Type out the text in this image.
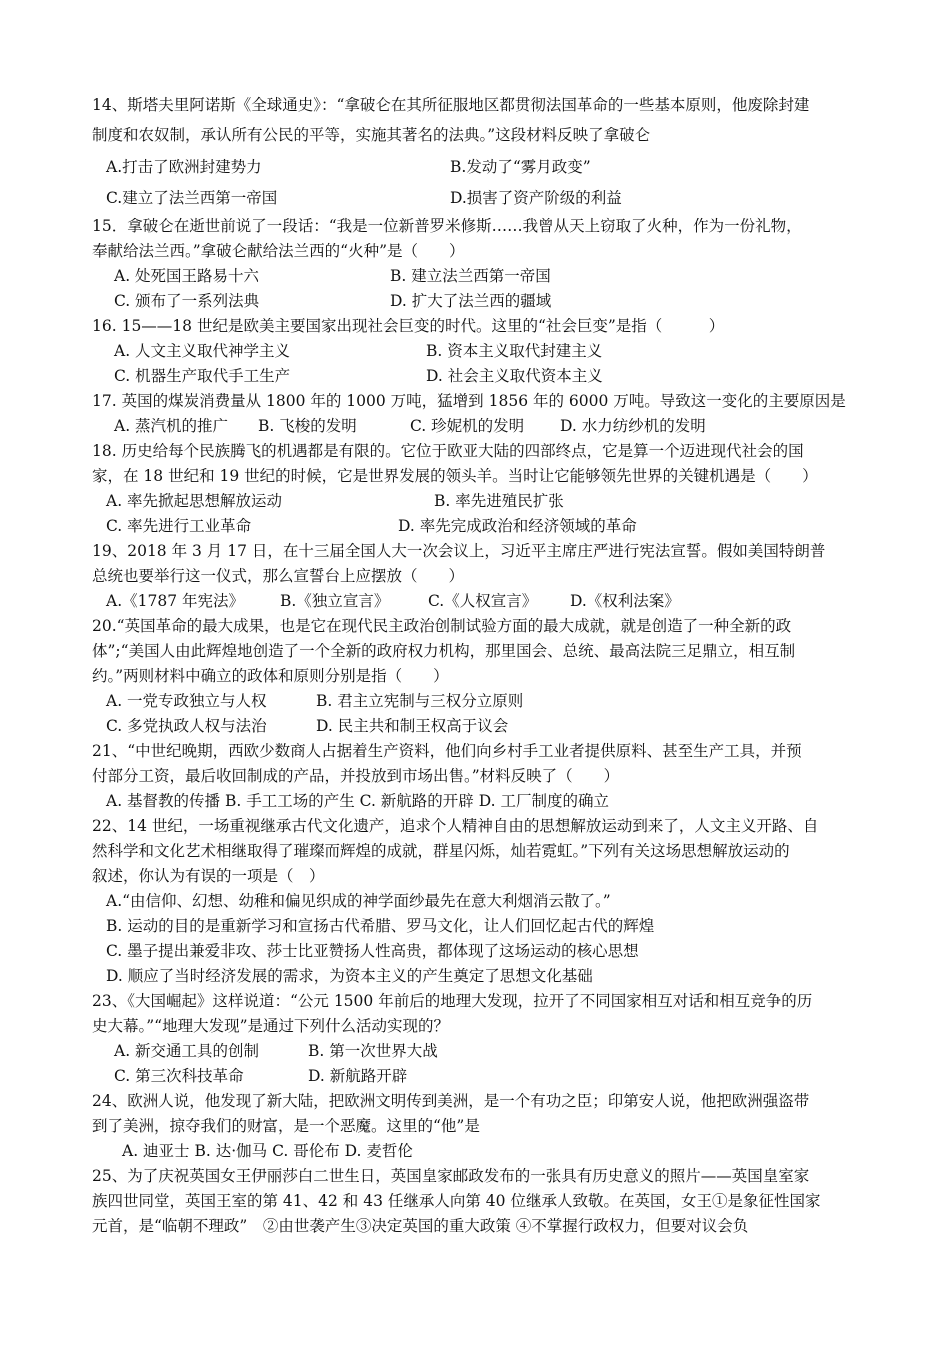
14、斯塔夫里阿诺斯《全球通史》：“拿破仑在其所征服地区都贯彻法国革命的一些基本原则，他废除封建

制度和农奴制，承认所有公民的平等，实施其著名的法典。”这段材料反映了拿破仑

A.打击了欧洲封建势力	B.发动了“雾月政变”
C.建立了法兰西第一帝国	D.损害了资产阶级的利益

15．拿破仑在逝世前说了一段话：“我是一位新普罗米修斯……我曾从天上窃取了火种，作为一份礼物，

奉献给法兰西。”拿破仑献给法兰西的“火种”是（　　）

A. 处死国王路易十六	B. 建立法兰西第一帝国
C. 颁布了一系列法典	D. 扩大了法兰西的疆域

16. 15——18 世纪是欧美主要国家出现社会巨变的时代。这里的“社会巨变”是指（　　　）

A. 人文主义取代神学主义	B. 资本主义取代封建主义
C. 机器生产取代手工生产	D. 社会主义取代资本主义

17. 英国的煤炭消费量从 1800 年的 1000 万吨，猛增到 1856 年的 6000 万吨。导致这一变化的主要原因是

A. 蒸汽机的推广 B. 飞梭的发明	C. 珍妮机的发明 D. 水力纺纱机的发明

18. 历史给每个民族腾飞的机遇都是有限的。它位于欧亚大陆的四部终点，它是算一个迈进现代社会的国

家，在 18 世纪和 19 世纪的时候，它是世界发展的领头羊。当时让它能够领先世界的关键机遇是（　　）

A. 率先掀起思想解放运动	B. 率先进殖民扩张
C. 率先进行工业革命	D. 率先完成政治和经济领域的革命

19、2018 年 3 月 17 日，在十三届全国人大一次会议上，习近平主席庄严进行宪法宣誓。假如美国特朗普

总统也要举行这一仪式，那么宣誓台上应摆放（　　）

A.《1787 年宪法》 B.《独立宣言》 C.《人权宣言》 D.《权利法案》

20.“英国革命的最大成果，也是它在现代民主政治创制试验方面的最大成就，就是创造了一种全新的政

体”;“美国人由此辉煌地创造了一个全新的政府权力机构，那里国会、总统、最高法院三足鼎立，相互制

约。”两则材料中确立的政体和原则分别是指（　　）

A. 一党专政独立与人权	B. 君主立宪制与三权分立原则
C. 多党执政人权与法治	D. 民主共和制王权高于议会

21、“中世纪晚期，西欧少数商人占据着生产资料，他们向乡村手工业者提供原料、甚至生产工具，并预

付部分工资，最后收回制成的产品，并投放到市场出售。”材料反映了（　　）

A. 基督教的传播 B. 手工工场的产生 C. 新航路的开辟 D. 工厂制度的确立

22、14 世纪，一场重视继承古代文化遗产，追求个人精神自由的思想解放运动到来了，人文主义开路、自

然科学和文化艺术相继取得了璀璨而辉煌的成就，群星闪烁，灿若霓虹。”下列有关这场思想解放运动的

叙述，你认为有误的一项是（　）

A.“由信仰、幻想、幼稚和偏见织成的神学面纱最先在意大利烟消云散了。”
B. 运动的目的是重新学习和宣扬古代希腊、罗马文化，让人们回忆起古代的辉煌
C. 墨子提出兼爱非攻、莎士比亚赞扬人性高贵，都体现了这场运动的核心思想
D. 顺应了当时经济发展的需求，为资本主义的产生奠定了思想文化基础

23、《大国崛起》这样说道：“公元 1500 年前后的地理大发现，拉开了不同国家相互对话和相互竞争的历

史大幕。”“地理大发现”是通过下列什么活动实现的？

A. 新交通工具的创制	B. 第一次世界大战
C. 第三次科技革命	D. 新航路开辟

24、欧洲人说，他发现了新大陆，把欧洲文明传到美洲，是一个有功之臣；印第安人说，他把欧洲强盗带

到了美洲，掠夺我们的财富，是一个恶魔。这里的“他”是

A. 迪亚士 B. 达·伽马 C. 哥伦布 D. 麦哲伦

25、为了庆祝英国女王伊丽莎白二世生日，英国皇家邮政发布的一张具有历史意义的照片——英国皇室家

族四世同堂，英国王室的第 41、42 和 43 任继承人向第 40 位继承人致敬。在英国，女王①是象征性国家

元首，是“临朝不理政”　②由世袭产生③决定英国的重大政策 ④不掌握行政权力，但要对议会负
